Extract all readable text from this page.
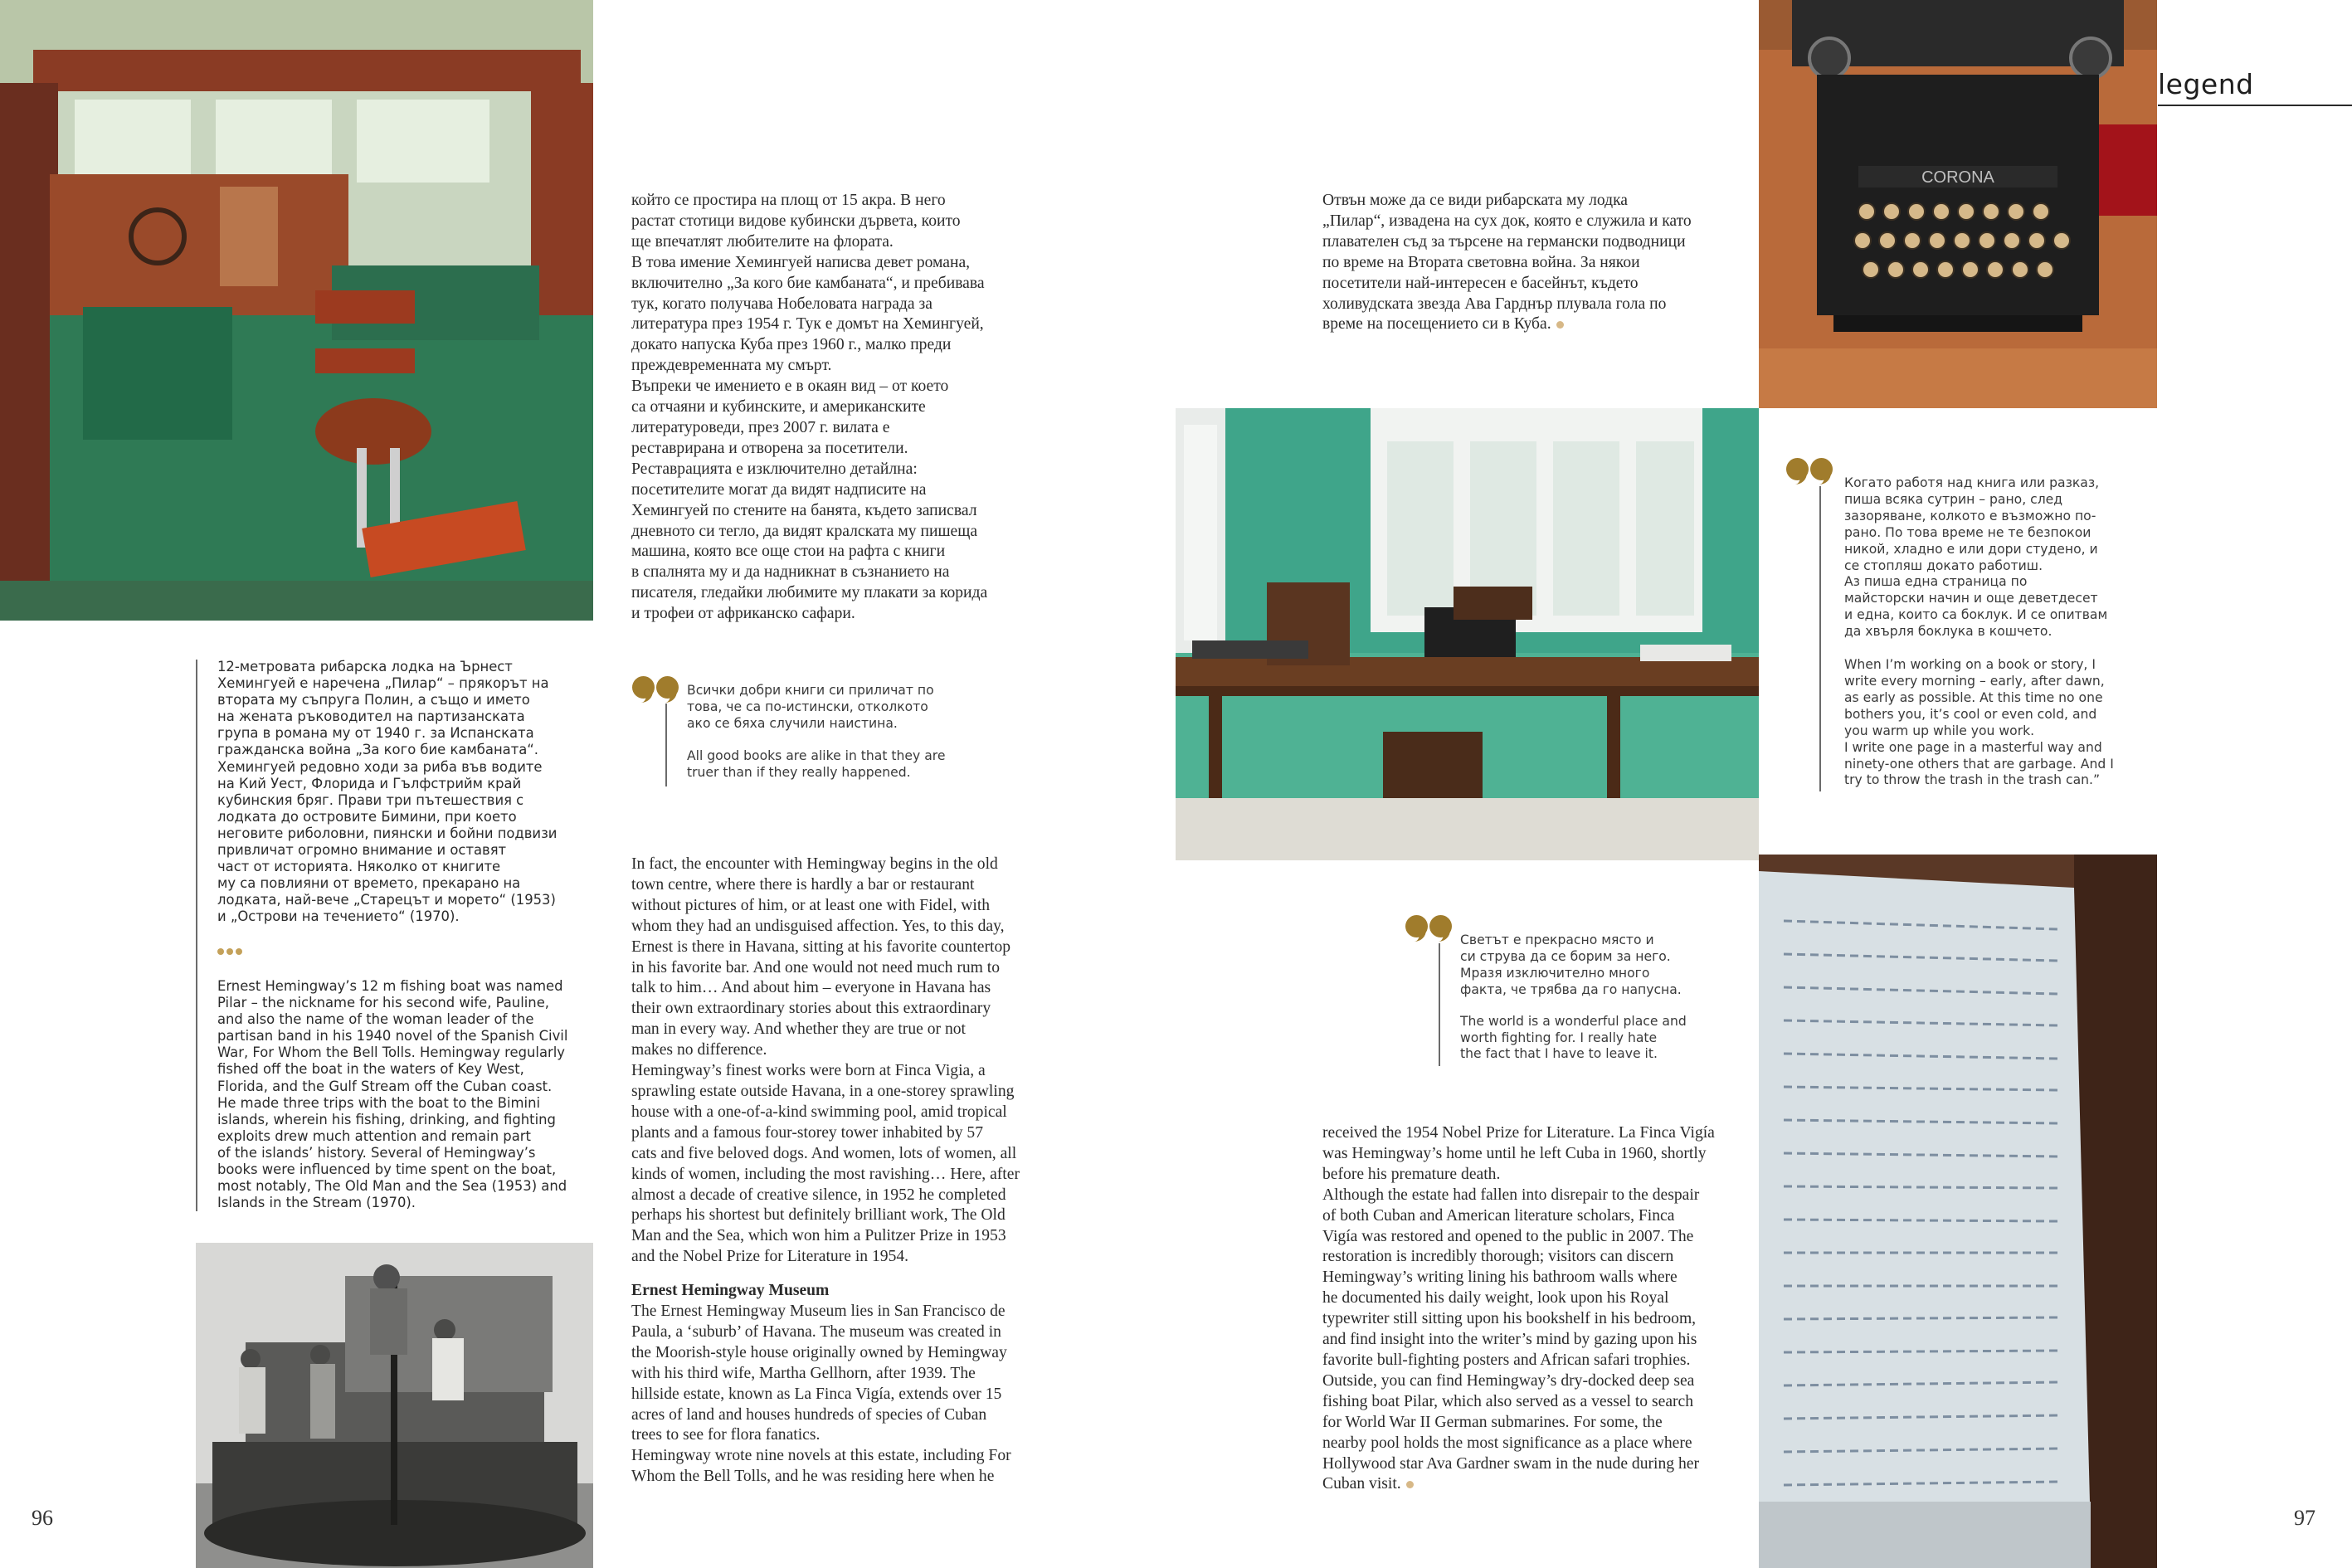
12-метровата рибарска лодка на Ърнест

Хемингуей е наречена „Пилар“ – прякорът на

втората му съпруга Полин, а също и името

на жената ръководител на партизанската

група в романа му от 1940 г. за Испанската

гражданска война „За кого бие камбаната“.

Хемингуей редовно ходи за риба във водите

на Кий Уест, Флорида и Гълфстрийм край

кубинския бряг. Прави три пътешествия с

лодката до островите Бимини, при което

неговите риболовни, пиянски и бойни подвизи

привличат огромно внимание и оставят

част от историята. Няколко от книгите

му са повлияни от времето, прекарано на

лодката, най-вече „Старецът и морето“ (1953)

и „Острови на течението“ (1970).

Ernest Hemingway’s 12 m fishing boat was named

Pilar – the nickname for his second wife, Pauline,

and also the name of the woman leader of the

partisan band in his 1940 novel of the Spanish Civil

War, For Whom the Bell Tolls. Hemingway regularly

fished off the boat in the waters of Key West,

Florida, and the Gulf Stream off the Cuban coast.

He made three trips with the boat to the Bimini

islands, wherein his fishing, drinking, and fighting

exploits drew much attention and remain part

of the islands’ history. Several of Hemingway’s

books were influenced by time spent on the boat,

most notably, The Old Man and the Sea (1953) and

Islands in the Stream (1970).

който се простира на площ от 15 акра. В него

растат стотици видове кубински дървета, които

ще впечатлят любителите на флората.

В това имение Хемингуей написва девет романа,

включително „За кого бие камбаната“, и пребивава

тук, когато получава Нобеловата награда за

литература през 1954 г. Тук е домът на Хемингуей,

докато напуска Куба през 1960 г., малко преди

преждевременната му смърт.

Въпреки че имението е в окаян вид – от което

са отчаяни и кубинските, и американските

литературоведи, през 2007 г. вилата е

реставрирана и отворена за посетители.

Реставрацията е изключително детайлна:

посетителите могат да видят надписите на

Хемингуей по стените на банята, където записвал

дневното си тегло, да видят кралската му пишеща

машина, която все още стои на рафта с книги

в спалнята му и да надникнат в съзнанието на

писателя, гледайки любимите му плакати за корида

и трофеи от африканско сафари.

Всички добри книги си приличат по

това, че са по-истински, отколкото

ако се бяха случили наистина.

All good books are alike in that they are

truer than if they really happened.

In fact, the encounter with Hemingway begins in the old

town centre, where there is hardly a bar or restaurant

without pictures of him, or at least one with Fidel, with

whom they had an undisguised affection. Yes, to this day,

Ernest is there in Havana, sitting at his favorite countertop

in his favorite bar. And one would not need much rum to

talk to him… And about him – everyone in Havana has

their own extraordinary stories about this extraordinary

man in every way. And whether they are true or not

makes no difference.

Hemingway’s finest works were born at Finca Vigia, a

sprawling estate outside Havana, in a one-storey sprawling

house with a one-of-a-kind swimming pool, amid tropical

plants and a famous four-storey tower inhabited by 57

cats and five beloved dogs. And women, lots of women, all

kinds of women, including the most ravishing… Here, after

almost a decade of creative silence, in 1952 he completed

perhaps his shortest but definitely brilliant work, The Old

Man and the Sea, which won him a Pulitzer Prize in 1953

and the Nobel Prize for Literature in 1954.

Ernest Hemingway Museum

The Ernest Hemingway Museum lies in San Francisco de

Paula, a ‘suburb’ of Havana. The museum was created in

the Moorish-style house originally owned by Hemingway

with his third wife, Martha Gellhorn, after 1939. The

hillside estate, known as La Finca Vigía, extends over 15

acres of land and houses hundreds of species of Cuban

trees to see for flora fanatics.

Hemingway wrote nine novels at this estate, including For

Whom the Bell Tolls, and he was residing here when he

96

Отвън може да се види рибарската му лодка

„Пилар“, извадена на сух док, която е служила и като

плавателен съд за търсене на германски подводници

по време на Втората световна война. За някои

посетители най-интересен е басейнът, където

холивудската звезда Ава Гарднър плувала гола по

време на посещението си в Куба.

Светът е прекрасно място и

си струва да се борим за него.

Мразя изключително много

факта, че трябва да го напусна.

The world is a wonderful place and

worth fighting for. I really hate

the fact that I have to leave it.

received the 1954 Nobel Prize for Literature. La Finca Vigía

was Hemingway’s home until he left Cuba in 1960, shortly

before his premature death.

Although the estate had fallen into disrepair to the despair

of both Cuban and American literature scholars, Finca

Vigía was restored and opened to the public in 2007. The

restoration is incredibly thorough; visitors can discern

Hemingway’s writing lining his bathroom walls where

he documented his daily weight, look upon his Royal

typewriter still sitting upon his bookshelf in his bedroom,

and find insight into the writer’s mind by gazing upon his

favorite bull-fighting posters and African safari trophies.

Outside, you can find Hemingway’s dry-docked deep sea

fishing boat Pilar, which also served as a vessel to search

for World War II German submarines. For some, the

nearby pool holds the most significance as a place where

Hollywood star Ava Gardner swam in the nude during her

Cuban visit.

CORONA
legend

Когато работя над книга или разказ,

пиша всяка сутрин – рано, след

зазоряване, колкото е възможно по-

рано. По това време не те безпокои

никой, хладно е или дори студено, и

се стопляш докато работиш.

Аз пиша една страница по

майсторски начин и още деветдесет

и една, които са боклук. И се опитвам

да хвърля боклука в кошчето.

When I’m working on a book or story, I

write every morning – early, after dawn,

as early as possible. At this time no one

bothers you, it’s cool or even cold, and

you warm up while you work.

I write one page in a masterful way and

ninety-one others that are garbage. And I

try to throw the trash in the trash can.”

97
